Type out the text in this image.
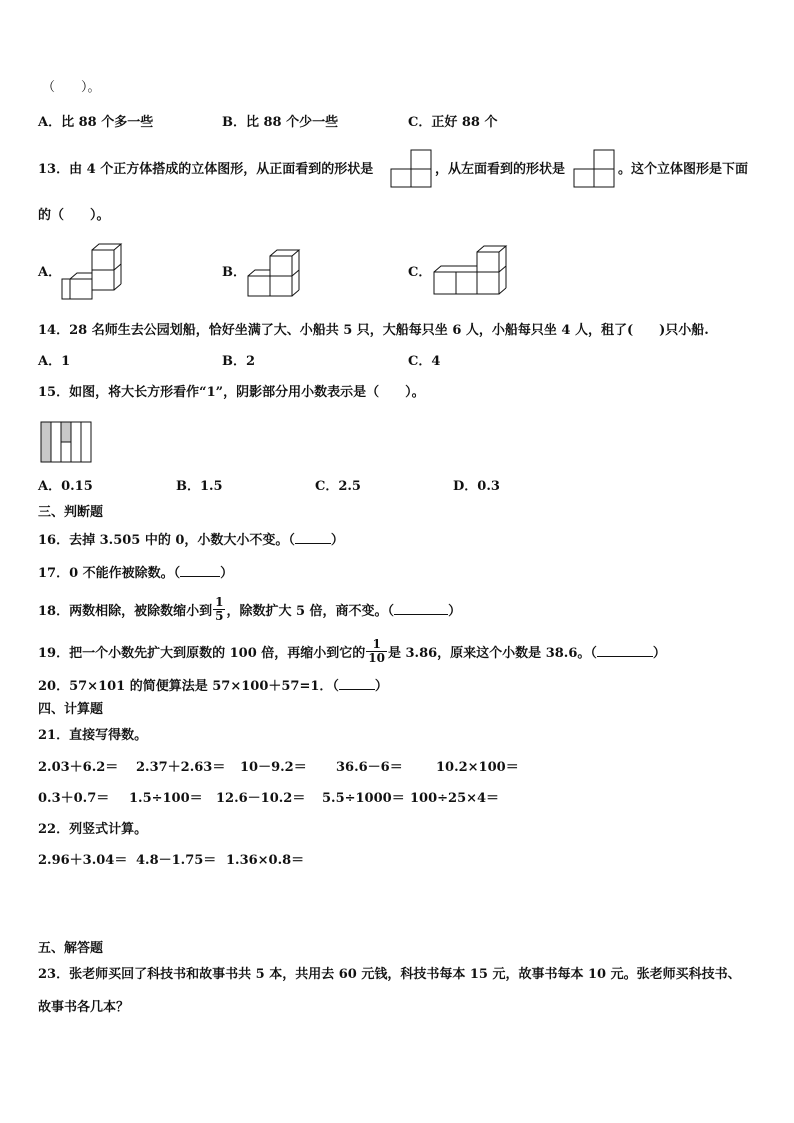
（　　）。
A．比 88 个多一些	B．比 88 个少一些	C．正好 88 个
13．由 4 个正方体搭成的立体图形，从正面看到的形状是	，从左面看到的形状是	。这个立体图形是下面
的（　　）。
A．	B．	C．
14．28 名师生去公园划船，恰好坐满了大、小船共 5 只，大船每只坐 6 人，小船每只坐 4 人，租了(　　)只小船.
A．1	B．2	C．4
15．如图，将大长方形看作“1”，阴影部分用小数表示是（　　）。
A．0.15	B．1.5	C．2.5	D．0.3
三、判断题
16．去掉 3.505 中的 0，小数大小不变。（	）
17．0 不能作被除数。（	）
18．两数相除，被除数缩小到 $\frac{1}{5}$ ，除数扩大 5 倍，商不变。（	）
19．把一个小数先扩大到原数的 100 倍，再缩小到它的 $\frac{1}{10}$ 是 3.86，原来这个小数是 38.6。（	）
20．57×101 的简便算法是 57×100＋57=1．（	）
四、计算题
21．直接写得数。
2.03＋6.2＝ 2.37＋2.63＝ 10－9.2＝ 36.6－6＝	10.2×100＝
0.3＋0.7＝ 1.5÷100＝ 12.6－10.2＝ 5.5÷1000＝ 100÷25×4＝
22．列竖式计算。
2.96＋3.04＝ 4.8－1.75＝ 1.36×0.8＝
五、解答题
23．张老师买回了科技书和故事书共 5 本，共用去 60 元钱，科技书每本 15 元，故事书每本 10 元。张老师买科技书、
故事书各几本？
